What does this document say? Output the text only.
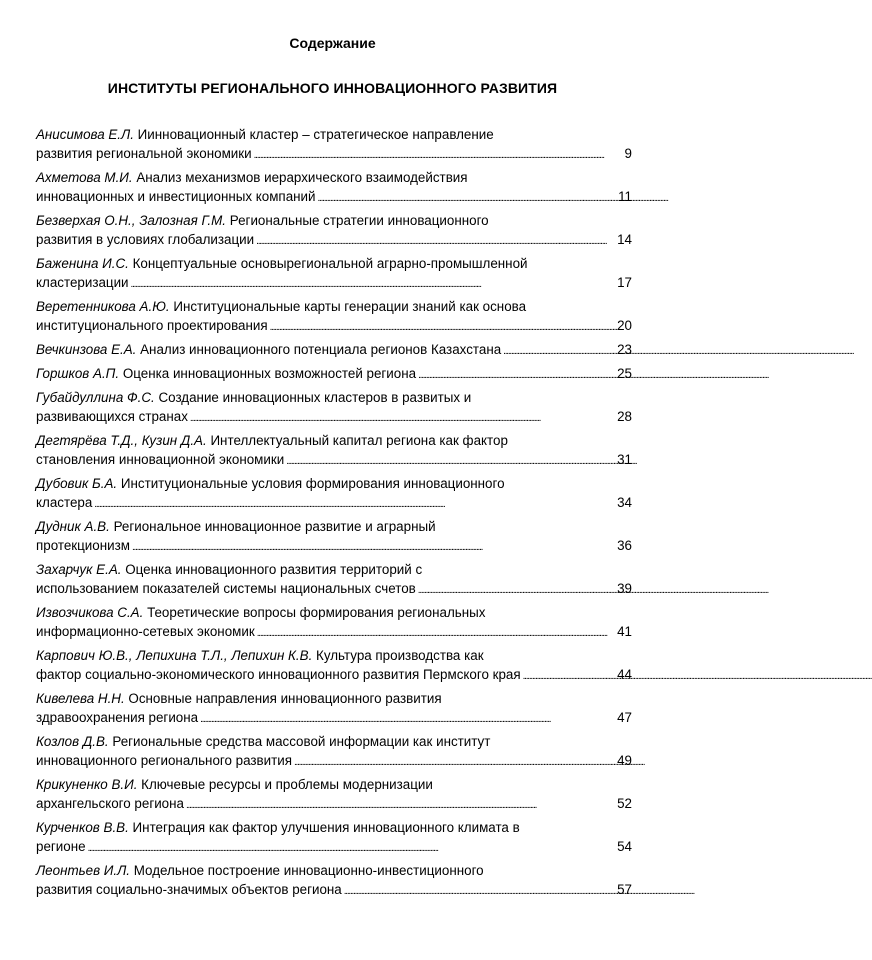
Содержание
ИНСТИТУТЫ РЕГИОНАЛЬНОГО ИННОВАЦИОННОГО РАЗВИТИЯ
Анисимова Е.Л.
Иинновационный кластер – стратегическое направление
развития региональной экономики . . .	9
Ахметова М.И.
Анализ механизмов иерархического взаимодействия
инновационных и инвестиционных компаний . . .	11
Безверхая О.Н., Залозная Г.М.
Региональные стратегии инновационного
развития в условиях глобализации . . .	14
Баженина И.С.
Концептуальные основырегиональной аграрно-промышленной
кластеризации . . .	17
Веретенникова А.Ю.
Институциональные карты генерации знаний как основа
институционального проектирования . . .	20
Вечкинзова Е.А.
Анализ инновационного потенциала регионов Казахстана . . .	23
Горшков А.П.
Оценка инновационных возможностей региона . . .	25
Губайдуллина Ф.С.
Создание инновационных кластеров в развитых и
развивающихся странах . . .	28
Дегтярёва Т.Д., Кузин Д.А.
Интеллектуальный капитал региона как фактор
становления инновационной экономики . . .	31
Дубовик Б.А.
Институциональные условия формирования инновационного
кластера . . .	34
Дудник А.В.
Региональное инновационное развитие и аграрный
протекционизм . . .	36
Захарчук Е.А.
Оценка инновационного развития территорий с
использованием показателей системы национальных счетов . . .	39
Извозчикова С.А.
Теоретические вопросы формирования региональных
информационно-сетевых экономик . . .	41
Карпович Ю.В., Лепихина Т.Л., Лепихин К.В.
Культура производства как
фактор социально-экономического инновационного развития Пермского края . . .	44
Кивелева Н.Н.
Основные направления инновационного развития
здравоохранения региона . . .	47
Козлов Д.В.
Региональные средства массовой информации как институт
инновационного регионального развития . . .	49
Крикуненко В.И.
Ключевые ресурсы и проблемы модернизации
архангельского региона . . .	52
Курченков В.В.
Интеграция как фактор улучшения инновационного климата в
регионе . . .	54
Леонтьев И.Л.
Модельное построение инновационно-инвестиционного
развития социально-значимых объектов региона . . .	57
